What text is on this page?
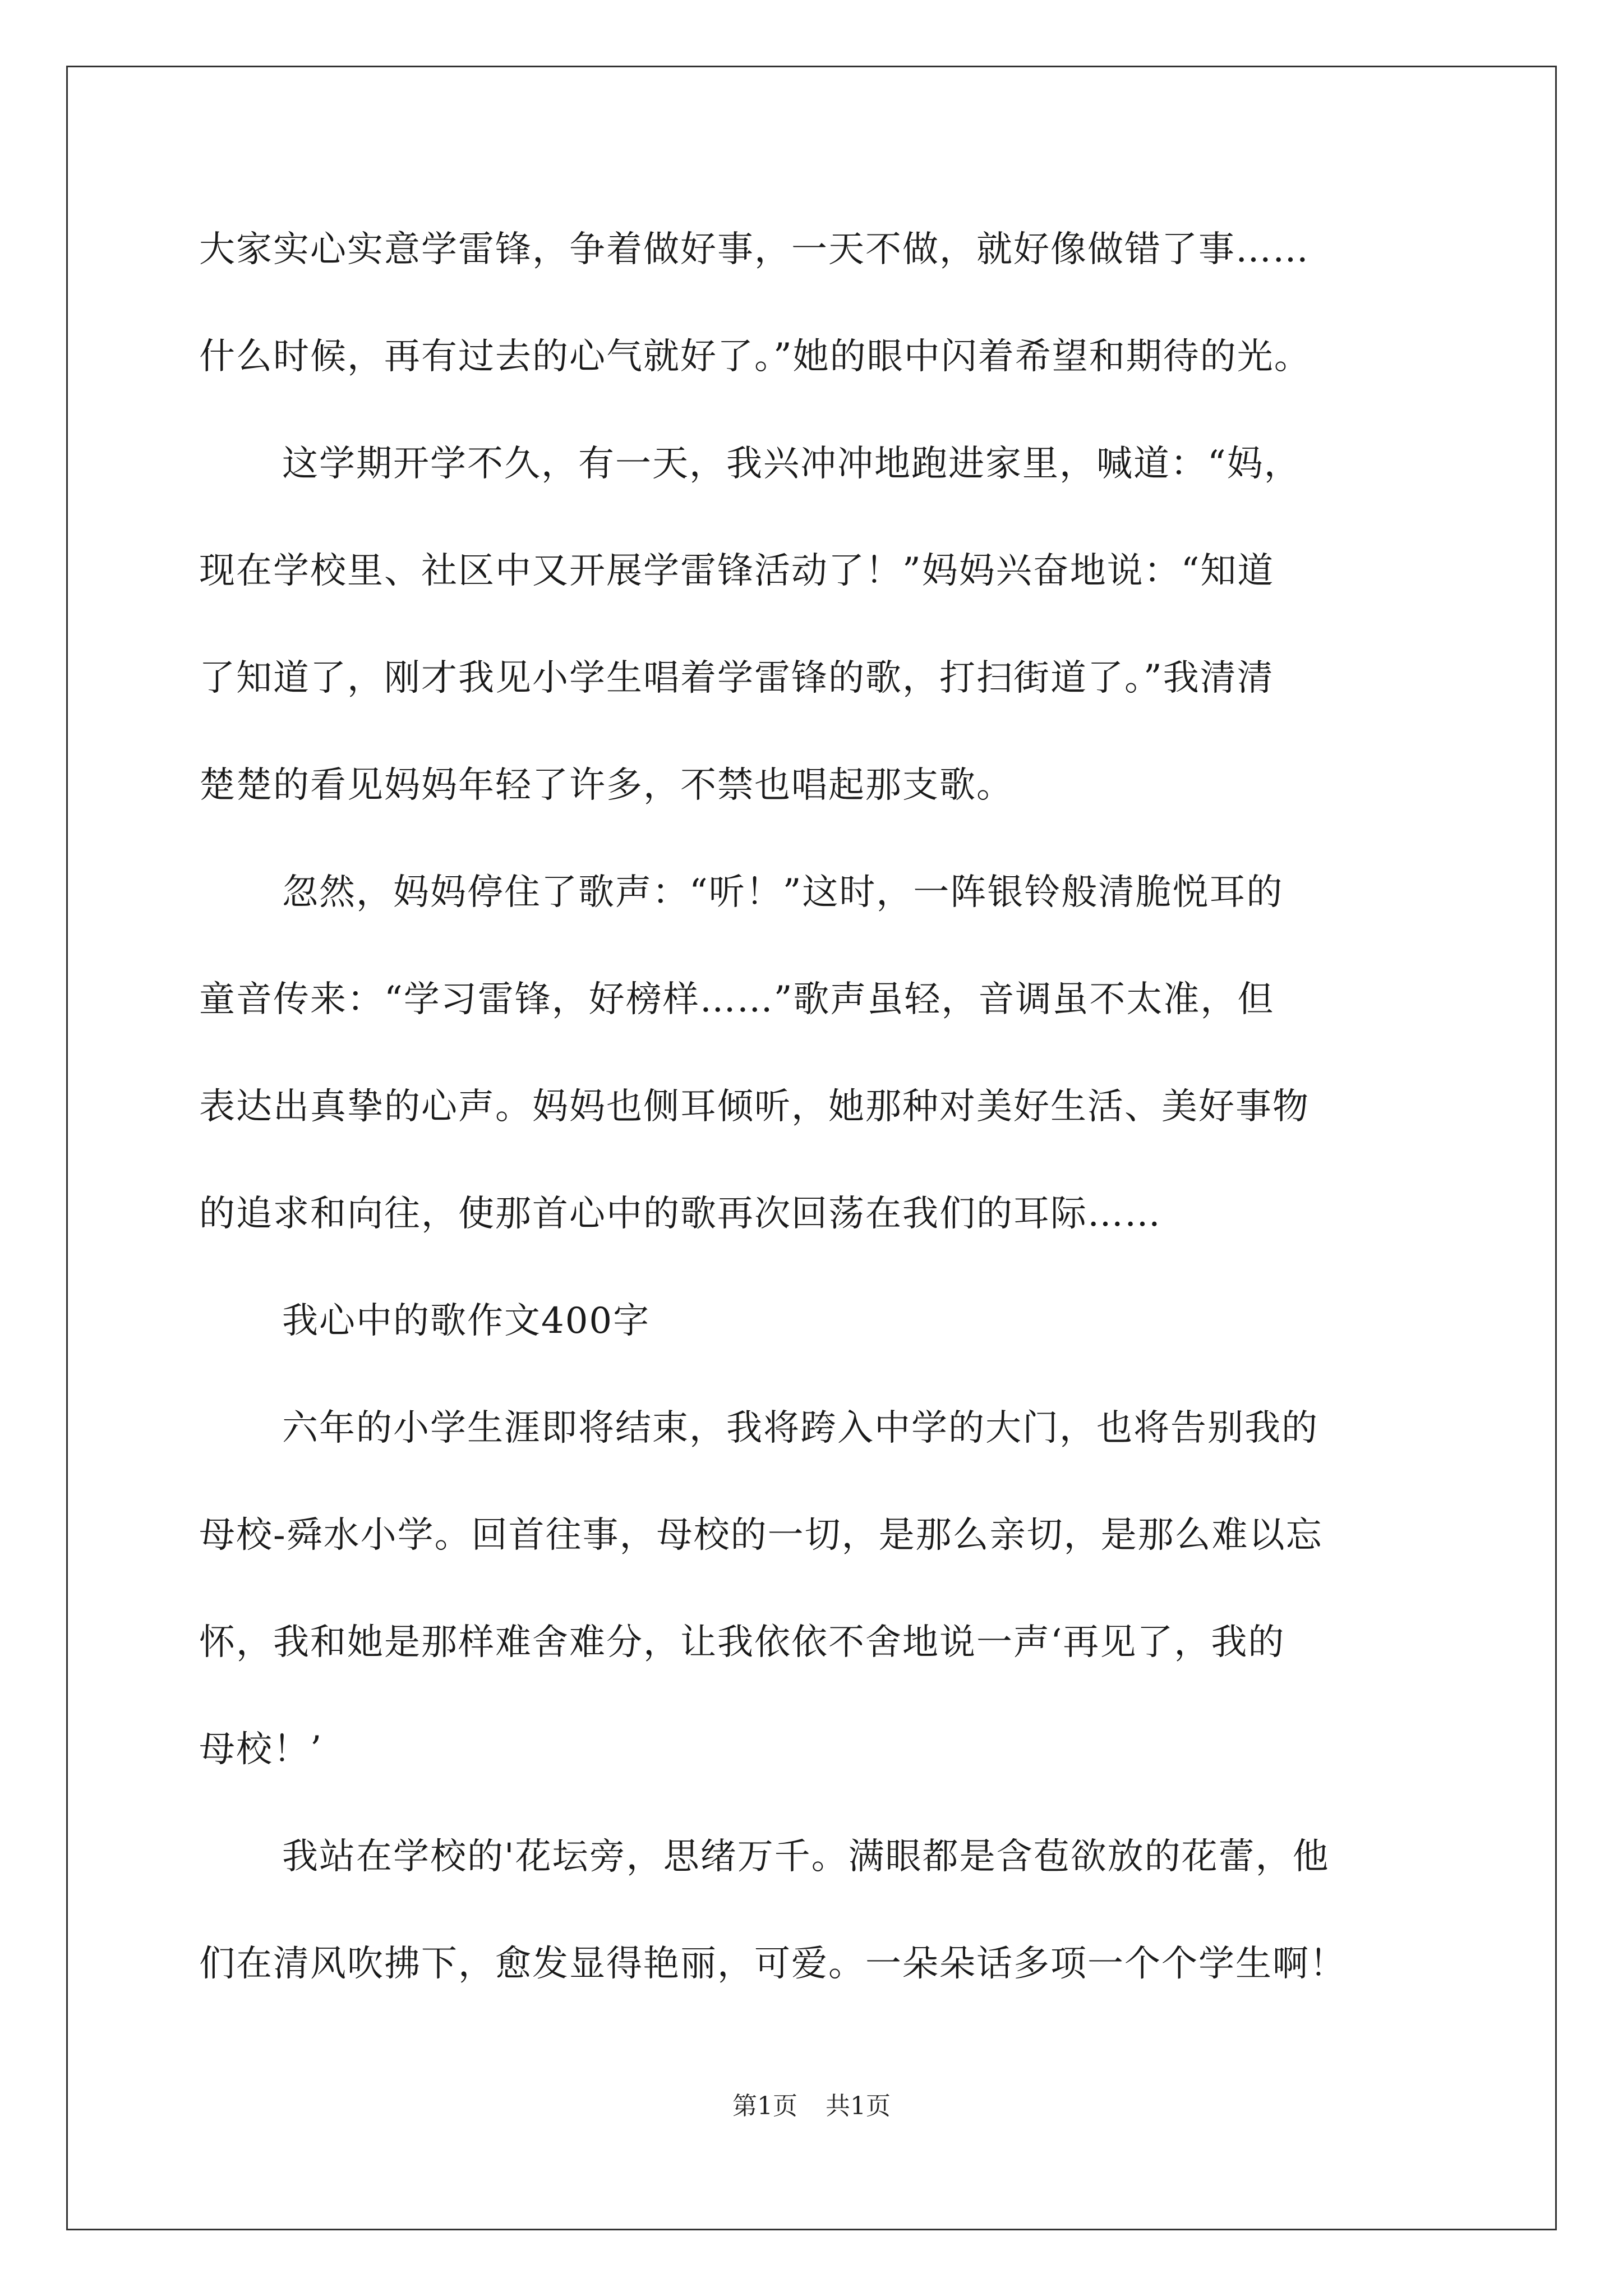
大家实心实意学雷锋，争着做好事，一天不做，就好像做错了事……
什么时候，再有过去的心气就好了。”她的眼中闪着希望和期待的光。
这学期开学不久，有一天，我兴冲冲地跑进家里，喊道：“妈，
现在学校里、社区中又开展学雷锋活动了！”妈妈兴奋地说：“知道
了知道了，刚才我见小学生唱着学雷锋的歌，打扫街道了。”我清清
楚楚的看见妈妈年轻了许多，不禁也唱起那支歌。
忽然，妈妈停住了歌声：“听！”这时，一阵银铃般清脆悦耳的
童音传来：“学习雷锋，好榜样……”歌声虽轻，音调虽不太准，但
表达出真挚的心声。妈妈也侧耳倾听，她那种对美好生活、美好事物
的追求和向往，使那首心中的歌再次回荡在我们的耳际……
我心中的歌作文400字
六年的小学生涯即将结束，我将跨入中学的大门，也将告别我的
母校-舜水小学。回首往事，母校的一切，是那么亲切，是那么难以忘
怀，我和她是那样难舍难分，让我依依不舍地说一声‘再见了，我的
母校！’
我站在学校的'花坛旁，思绪万千。满眼都是含苞欲放的花蕾，他
们在清风吹拂下，愈发显得艳丽，可爱。一朵朵话多项一个个学生啊！
第1页 共1页
